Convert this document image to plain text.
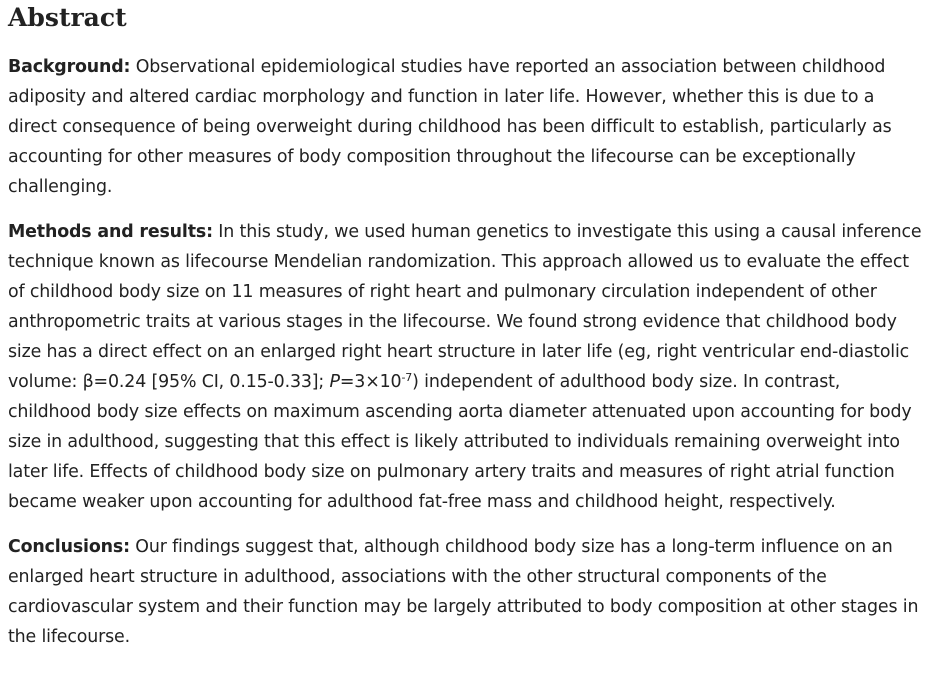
Abstract

Background: Observational epidemiological studies have reported an association between childhood adiposity and altered cardiac morphology and function in later life. However, whether this is due to a direct consequence of being overweight during childhood has been difficult to establish, particularly as accounting for other measures of body composition throughout the lifecourse can be exceptionally challenging.

Methods and results: In this study, we used human genetics to investigate this using a causal inference technique known as lifecourse Mendelian randomization. This approach allowed us to evaluate the effect of childhood body size on 11 measures of right heart and pulmonary circulation independent of other anthropometric traits at various stages in the lifecourse. We found strong evidence that childhood body size has a direct effect on an enlarged right heart structure in later life (eg, right ventricular end-diastolic volume: β=0.24 [95% CI, 0.15-0.33]; $P=3\times 10^{-7}$) independent of adulthood body size. In contrast, childhood body size effects on maximum ascending aorta diameter attenuated upon accounting for body size in adulthood, suggesting that this effect is likely attributed to individuals remaining overweight into later life. Effects of childhood body size on pulmonary artery traits and measures of right atrial function became weaker upon accounting for adulthood fat-free mass and childhood height, respectively.

Conclusions: Our findings suggest that, although childhood body size has a long-term influence on an enlarged heart structure in adulthood, associations with the other structural components of the cardiovascular system and their function may be largely attributed to body composition at other stages in the lifecourse.
